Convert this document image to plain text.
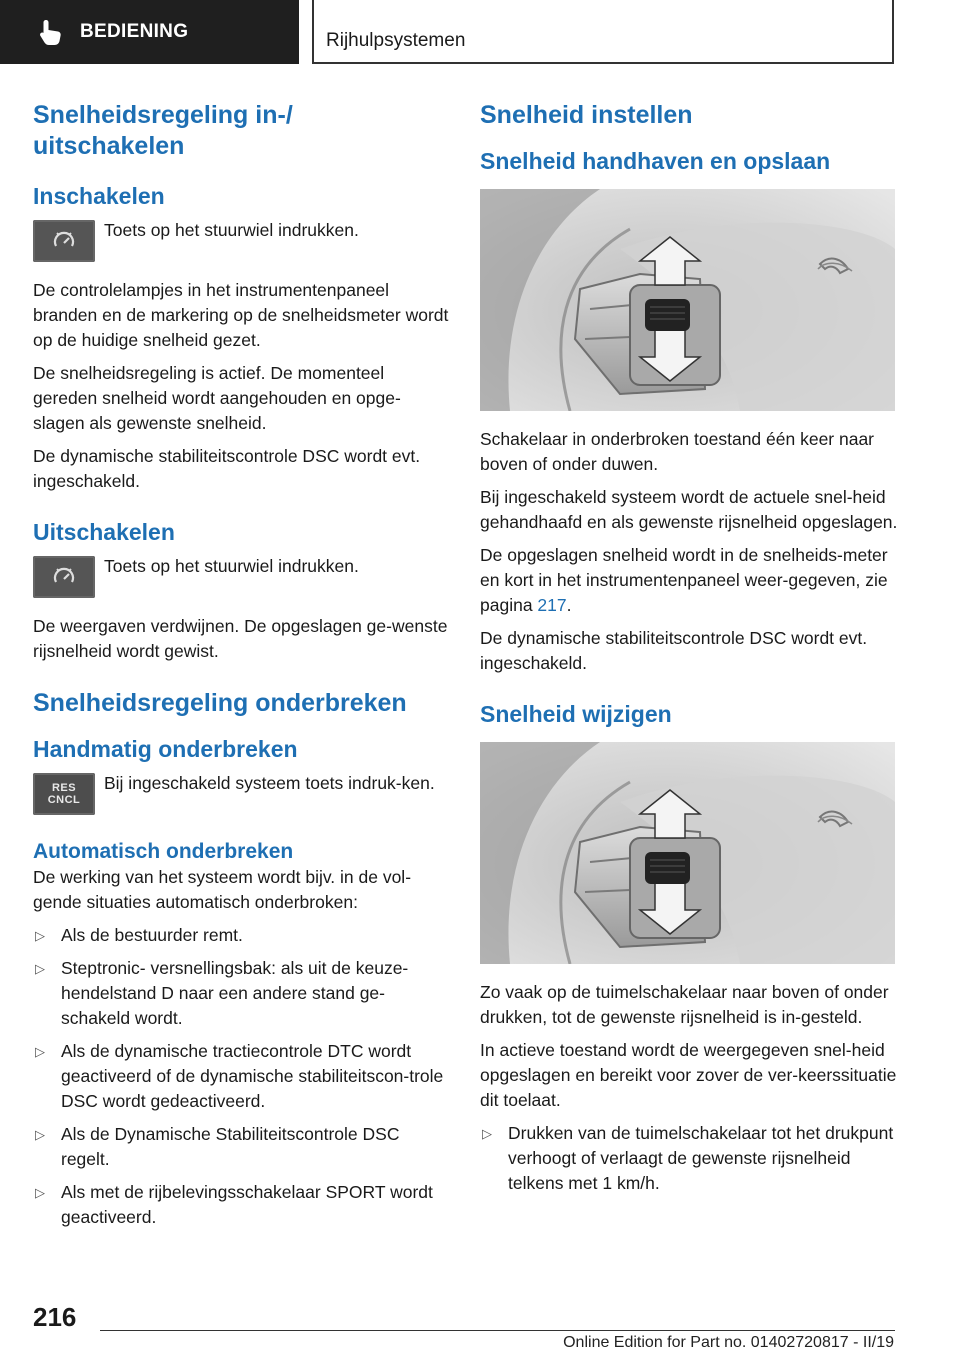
BEDIENING	Rijhulpsystemen
Snelheidsregeling in-/ uitschakelen
Inschakelen

Toets op het stuurwiel indrukken.

De controlelampjes in het instrumentenpaneel branden en de markering op de snelheidsmeter wordt op de huidige snelheid gezet.

De snelheidsregeling is actief. De momenteel gereden snelheid wordt aangehouden en opge-slagen als gewenste snelheid.

De dynamische stabiliteitscontrole DSC wordt evt. ingeschakeld.

Uitschakelen

Toets op het stuurwiel indrukken.

De weergaven verdwijnen. De opgeslagen ge-wenste rijsnelheid wordt gewist.

Snelheidsregeling onderbreken
Handmatig onderbreken
RES
CNCL

Bij ingeschakeld systeem toets indruk-ken.

Automatisch onderbreken

De werking van het systeem wordt bijv. in de vol-gende situaties automatisch onderbroken:

▷ Als de bestuurder remt.
▷ Steptronic- versnellingsbak: als uit de keuze-hendelstand D naar een andere stand ge-schakeld wordt.
▷ Als de dynamische tractiecontrole DTC wordt geactiveerd of de dynamische stabiliteitscon-trole DSC wordt gedeactiveerd.
▷ Als de Dynamische Stabiliteitscontrole DSC regelt.
▷ Als met de rijbelevingsschakelaar SPORT wordt geactiveerd.
Snelheid instellen
Snelheid handhaven en opslaan

Schakelaar in onderbroken toestand één keer naar boven of onder duwen.

Bij ingeschakeld systeem wordt de actuele snel-heid gehandhaafd en als gewenste rijsnelheid opgeslagen.

De opgeslagen snelheid wordt in de snelheids-meter en kort in het instrumentenpaneel weer-gegeven, zie pagina 217.

De dynamische stabiliteitscontrole DSC wordt evt. ingeschakeld.

Snelheid wijzigen

Zo vaak op de tuimelschakelaar naar boven of onder drukken, tot de gewenste rijsnelheid is in-gesteld.

In actieve toestand wordt de weergegeven snel-heid opgeslagen en bereikt voor zover de ver-keerssituatie dit toelaat.

▷ Drukken van de tuimelschakelaar tot het drukpunt verhoogt of verlaagt de gewenste rijsnelheid telkens met 1 km/h.
216
Online Edition for Part no. 01402720817 - II/19
